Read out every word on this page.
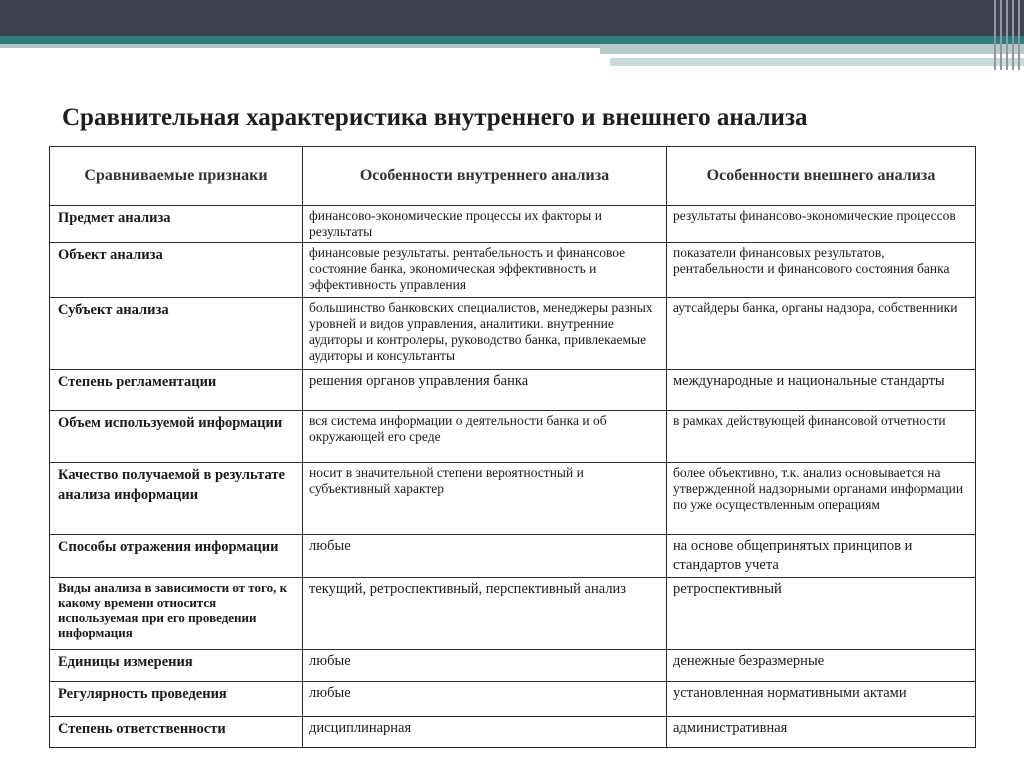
Сравнительная характеристика внутреннего и внешнего анализа
Сравниваемые признаки	Особенности внутреннего анализа	Особенности внешнего анализа
Предмет анализа	финансово-экономические процессы их факторы и результаты	результаты финансово-экономические процессов
Объект анализа	финансовые результаты. рентабельность и финансовое состояние банка, экономическая эффективность и эффективность управления	показатели финансовых результатов, рентабельности и финансового состояния банка
Субъект анализа	большинство банковских специалистов, менеджеры разных уровней и видов управления, аналитики. внутренние аудиторы и контролеры, руководство банка, привлекаемые аудиторы и консультанты	аутсайдеры банка, органы надзора, собственники
Степень регламентации	решения органов управления банка	международные и национальные стандарты
Объем используемой информации	вся система информации о деятельности банка и об окружающей его среде	в рамках действующей финансовой отчетности
Качество получаемой в результате анализа информации	носит в значительной степени вероятностный и субъективный характер	более объективно, т.к. анализ основывается на утвержденной надзорными органами информации по уже осуществленным операциям
Способы отражения информации	любые	на основе общепринятых принципов и стандартов учета
Виды анализа в зависимости от того, к какому времени относится используемая при его проведении информация	текущий, ретроспективный, перспективный анализ	ретроспективный
Единицы измерения	любые	денежные безразмерные
Регулярность проведения	любые	установленная нормативными актами
Степень ответственности	дисциплинарная	административная
